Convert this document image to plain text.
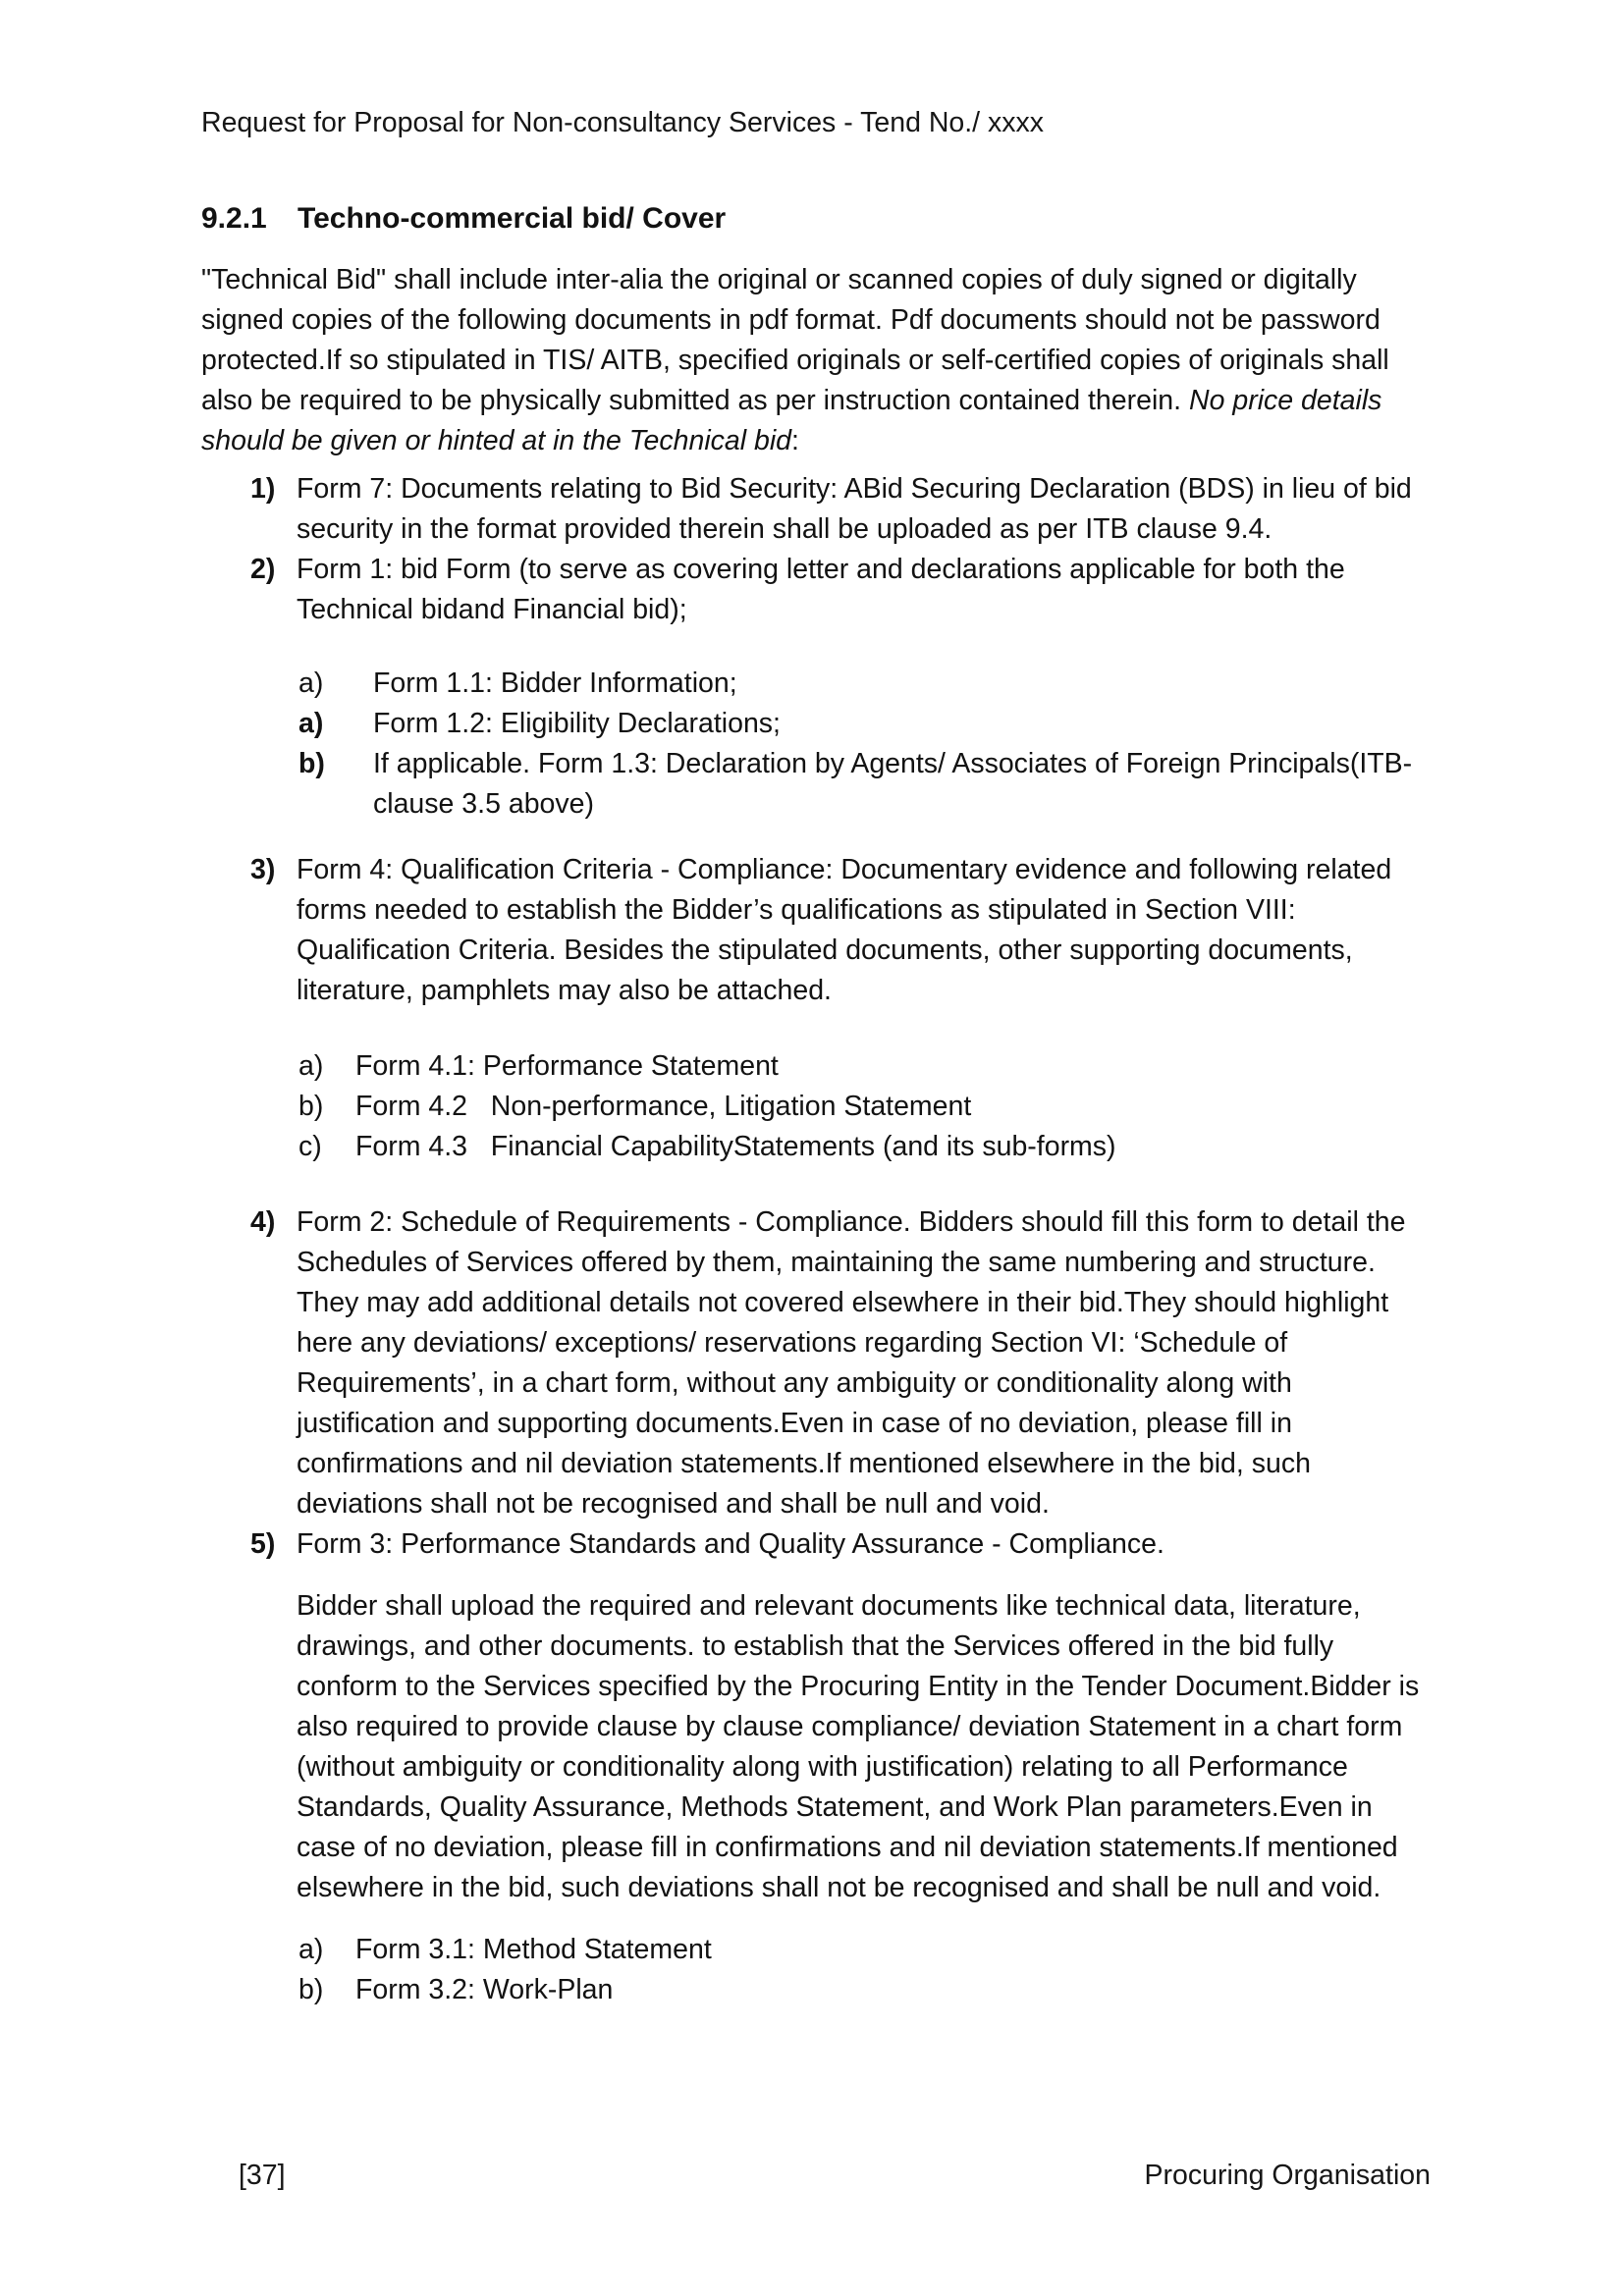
Request for Proposal for Non-consultancy Services - Tend No./ xxxx
9.2.1	Techno-commercial bid/ Cover

"Technical Bid" shall include inter-alia the original or scanned copies of duly signed or digitally signed copies of the following documents in pdf format. Pdf documents should not be password protected.If so stipulated in TIS/ AITB, specified originals or self-certified copies of originals shall also be required to be physically submitted as per instruction contained therein. No price details should be given or hinted at in the Technical bid:

1) Form 7: Documents relating to Bid Security: ABid Securing Declaration (BDS) in lieu of bid security in the format provided therein shall be uploaded as per ITB clause 9.4.
2) Form 1: bid Form (to serve as covering letter and declarations applicable for both the Technical bidand Financial bid);
a)	Form 1.1: Bidder Information;
a)	Form 1.2: Eligibility Declarations;
b)	If applicable. Form 1.3: Declaration by Agents/ Associates of Foreign Principals(ITB- clause 3.5 above)
3) Form 4: Qualification Criteria - Compliance: Documentary evidence and following related forms needed to establish the Bidder’s qualifications as stipulated in Section VIII: Qualification Criteria. Besides the stipulated documents, other supporting documents, literature, pamphlets may also be attached.
a)	Form 4.1: Performance Statement
b)	Form 4.2   Non-performance, Litigation Statement
c)	Form 4.3   Financial CapabilityStatements (and its sub-forms)
4) Form 2: Schedule of Requirements - Compliance. Bidders should fill this form to detail the Schedules of Services offered by them, maintaining the same numbering and structure. They may add additional details not covered elsewhere in their bid.They should highlight here any deviations/ exceptions/ reservations regarding Section VI: ‘Schedule of Requirements’, in a chart form, without any ambiguity or conditionality along with justification and supporting documents.Even in case of no deviation, please fill in confirmations and nil deviation statements.If mentioned elsewhere in the bid, such deviations shall not be recognised and shall be null and void.
5) Form 3: Performance Standards and Quality Assurance - Compliance.

Bidder shall upload the required and relevant documents like technical data, literature, drawings, and other documents. to establish that the Services offered in the bid fully conform to the Services specified by the Procuring Entity in the Tender Document.Bidder is also required to provide clause by clause compliance/ deviation Statement in a chart form (without ambiguity or conditionality along with justification) relating to all Performance Standards, Quality Assurance, Methods Statement, and Work Plan parameters.Even in case of no deviation, please fill in confirmations and nil deviation statements.If mentioned elsewhere in the bid, such deviations shall not be recognised and shall be null and void.

a)	Form 3.1: Method Statement
b)	Form 3.2: Work-Plan
[37]	Procuring Organisation
